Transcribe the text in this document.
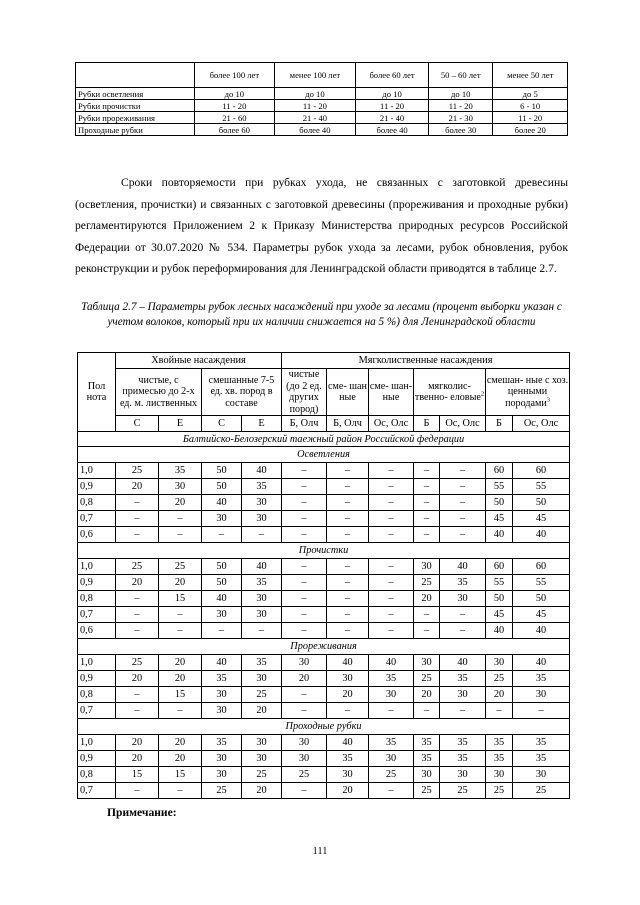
	более 100 лет	менее 100 лет	более 60 лет	50 – 60 лет	менее 50 лет
Рубки осветления	до 10	до 10	до 10	до 10	до 5
Рубки прочистки	11 - 20	11 - 20	11 - 20	11 - 20	6 - 10
Рубки прореживания	21 - 60	21 - 40	21 - 40	21 - 30	11 - 20
Проходные рубки	более 60	более 40	более 40	более 30	более 20

Сроки повторяемости при рубках ухода, не связанных с заготовкой древесины (осветления, прочистки) и связанных с заготовкой древесины (прореживания и проходные рубки) регламентируются Приложением 2 к Приказу Министерства природных ресурсов Российской Федерации от 30.07.2020 № 534. Параметры рубок ухода за лесами, рубок обновления, рубок реконструкции и рубок переформирования для Ленинградской области приводятся в таблице 2.7.

Таблица 2.7 – Параметры рубок лесных насаждений при уходе за лесами (процент выборки указан с учетом волоков, который при их наличии снижается на 5 %) для Ленинградской области

Пол нота	Хвойные насаждения				Мягколиственные насаждения						
	чистые, с примесью до 2-х ед. м. лиственных		смешанные 7-5 ед. хв. пород в составе		чистые (до 2 ед. других пород)	сме- шан ные	сме- шан- ные	мягколис- твенно- еловые$^2$		смешан- ные с хоз. ценными породами$^3$
	С	Е	С	Е	Б, Олч	Б, Олч	Ос, Олс	Б	Ос, Олс	Б	Ос, Олс
Балтийско-Белозерский таежный район Российской федерации											
Осветления											
1,0	25	35	50	40	–	–	–	–	–	60	60
0,9	20	30	50	35	–	–	–	–	–	55	55
0,8	–	20	40	30	–	–	–	–	–	50	50
0,7	–	–	30	30	–	–	–	–	–	45	45
0,6	–	–	–	–	–	–	–	–	–	40	40
Прочистки											
1,0	25	25	50	40	–	–	–	30	40	60	60
0,9	20	20	50	35	–	–	–	25	35	55	55
0,8	–	15	40	30	–	–	–	20	30	50	50
0,7	–	–	30	30	–	–	–	–	–	45	45
0,6	–	–	–	–	–	–	–	–	–	40	40
Прореживания											
1,0	25	20	40	35	30	40	40	30	40	30	40
0,9	20	20	35	30	20	30	35	25	35	25	35
0,8	–	15	30	25	–	20	30	20	30	20	30
0,7	–	–	30	20	–	–	–	–	–	–	–
Проходные рубки											
1,0	20	20	35	30	30	40	35	35	35	35	35
0,9	20	20	30	30	30	35	30	35	35	35	35
0,8	15	15	30	25	25	30	25	30	30	30	30
0,7	–	–	25	20	–	20	–	25	25	25	25

Примечание:

111
